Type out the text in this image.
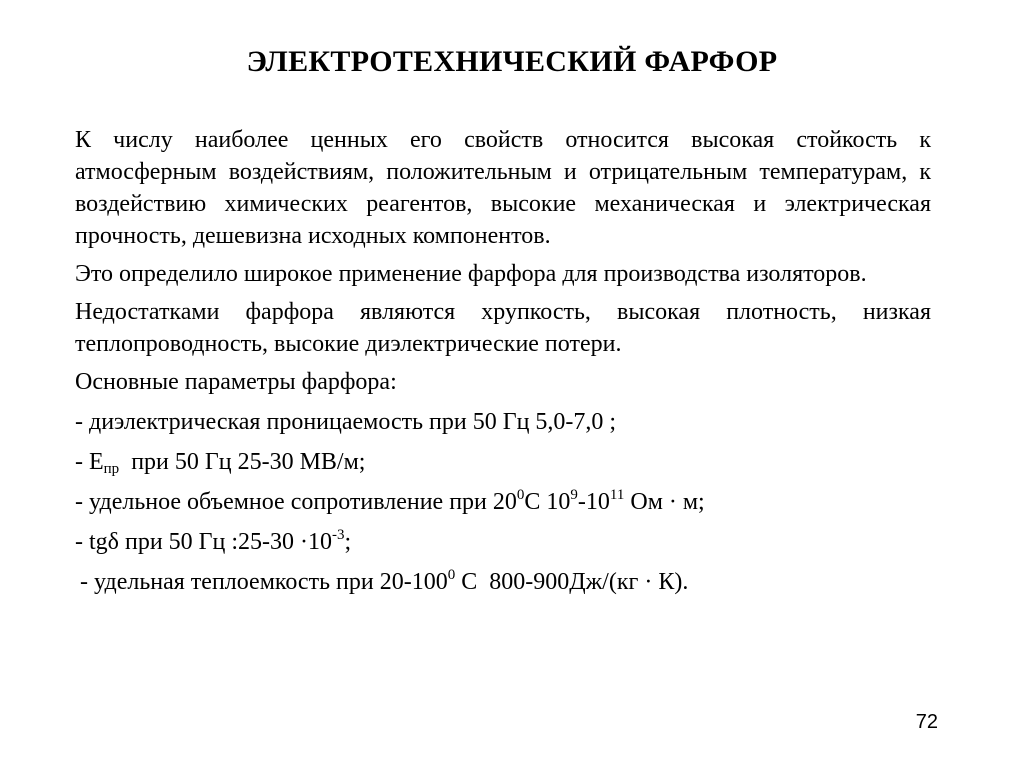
ЭЛЕКТРОТЕХНИЧЕСКИЙ ФАРФОР

К числу наиболее ценных его свойств относится высокая стойкость к атмосферным воздействиям, положительным и отрицательным температурам, к воздействию химических реагентов, высокие механическая и электрическая прочность, дешевизна исходных компонентов.

Это определило широкое применение фарфора для производства изоляторов.

Недостатками фарфора являются хрупкость, высокая плотность, низкая теплопроводность, высокие диэлектрические потери.

Основные параметры фарфора:

- диэлектрическая проницаемость при 50 Гц 5,0-7,0 ;
- $Е_{пр}$  при 50 Гц 25-30 МВ/м;
- удельное объемное сопротивление при $20^0С$ $10^9-10^{11}$ Ом · м;
- tgδ при 50 Гц :25-30 $\cdot 10^{-3}$;
- удельная теплоемкость при $20-100^0$ С  800-900Дж/(кг · К).
72
